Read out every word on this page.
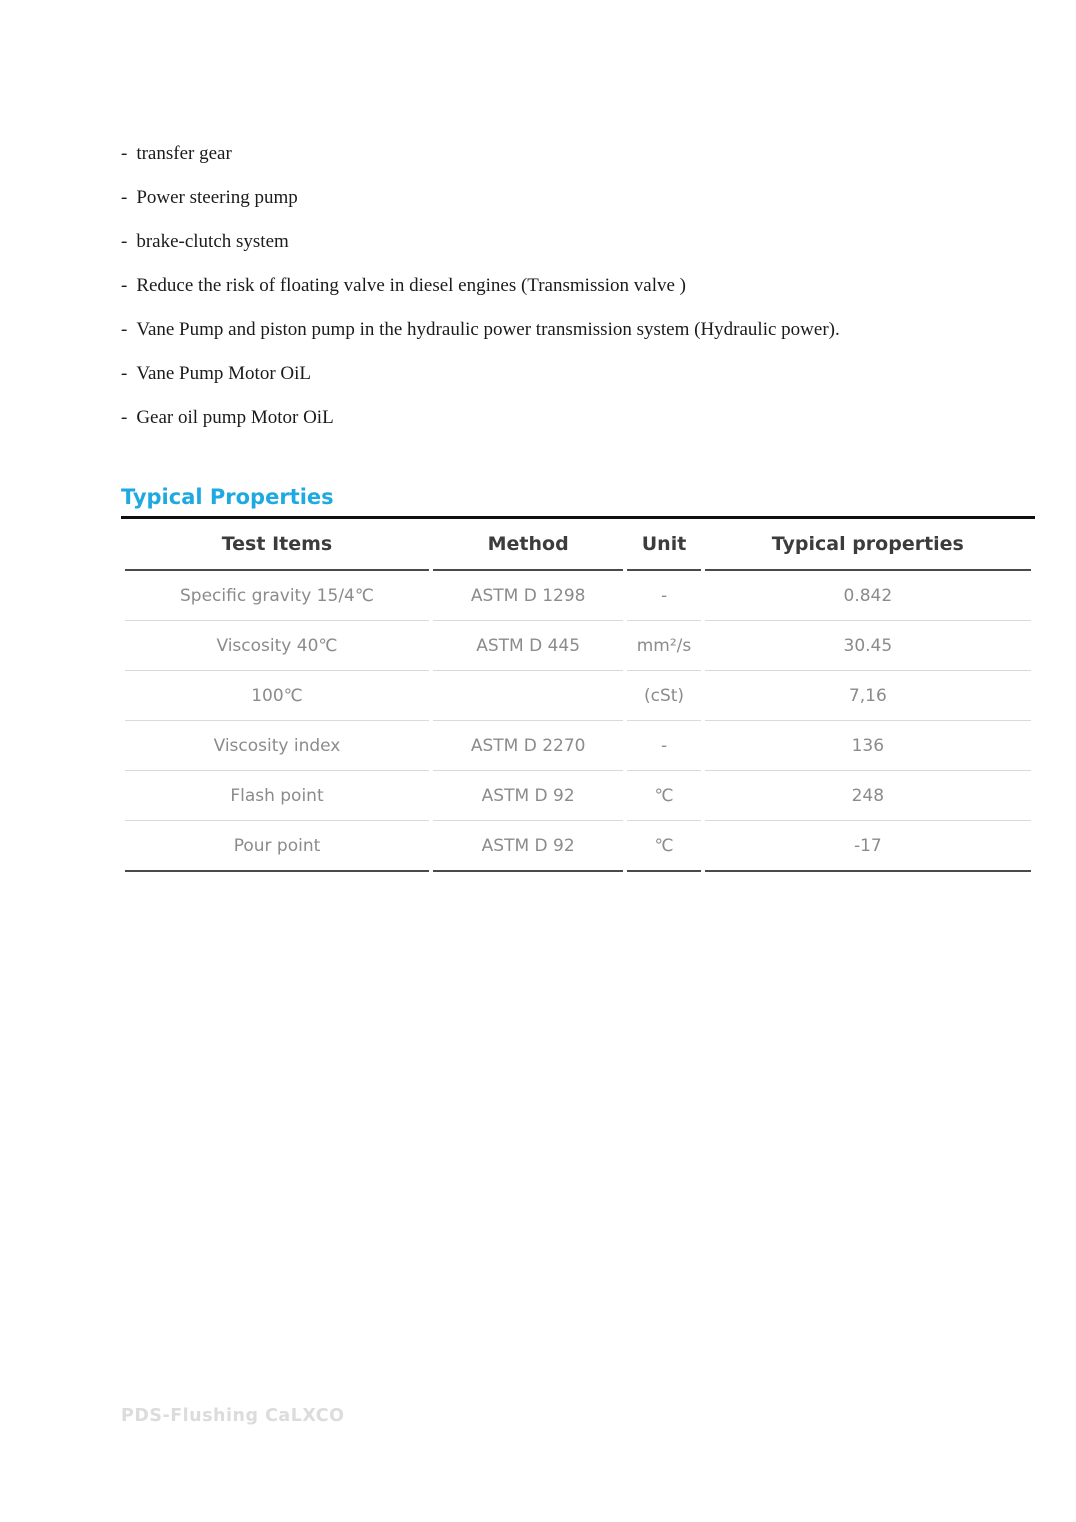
- transfer gear
- Power steering pump
- brake-clutch system
- Reduce the risk of floating valve in diesel engines (Transmission valve )
- Vane Pump and piston pump in the hydraulic power transmission system (Hydraulic power).
- Vane Pump Motor OiL
- Gear oil pump Motor OiL
Typical Properties
Test Items	Method	Unit	Typical properties
Specific gravity 15/4℃	ASTM D 1298	-	0.842
Viscosity 40℃	ASTM D 445	mm²/s	30.45
100℃		(cSt)	7,16
Viscosity index	ASTM D 2270	-	136
Flash point	ASTM D 92	℃	248
Pour point	ASTM D 92	℃	-17
PDS-Flushing CaLXCO
